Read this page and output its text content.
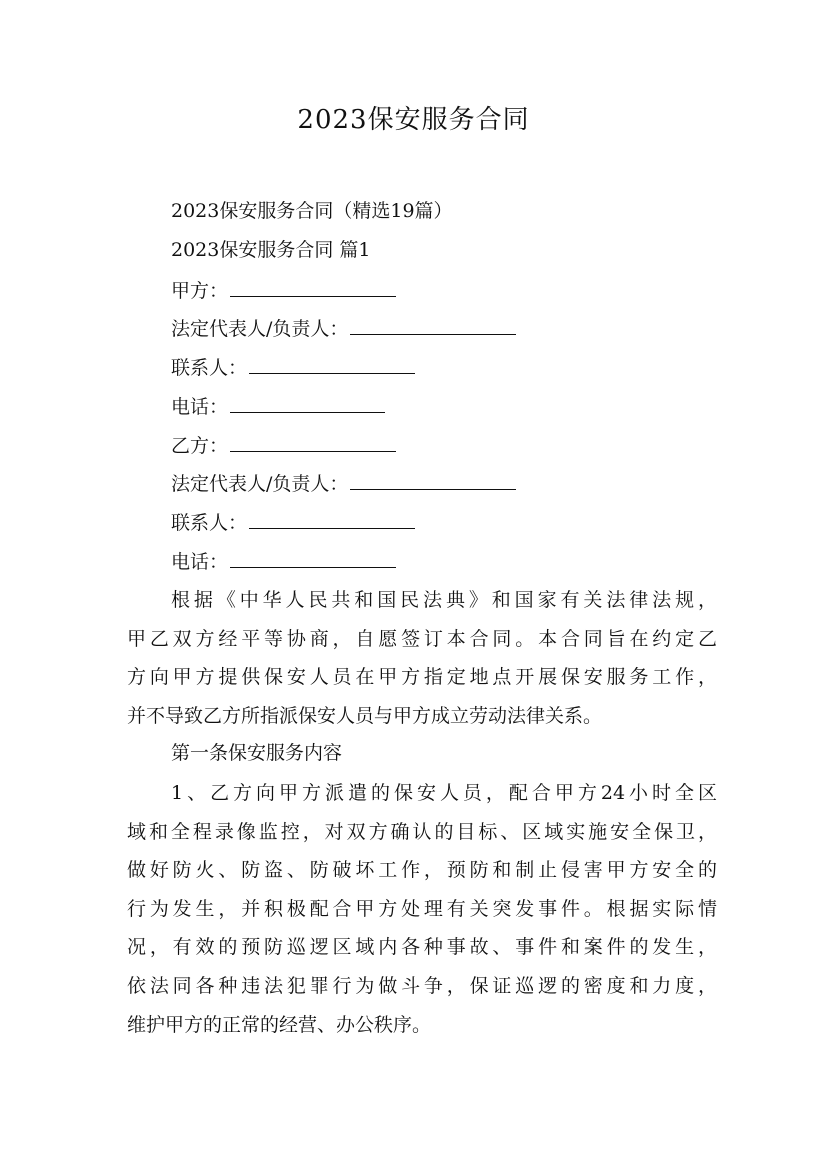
2023保安服务合同

2023保安服务合同（精选19篇）

2023保安服务合同 篇1

甲方：

法定代表人/负责人：

联系人：

电话：

乙方：

法定代表人/负责人：

联系人：

电话：

根据《中华人民共和国民法典》和国家有关法律法规，
甲乙双方经平等协商，自愿签订本合同。本合同旨在约定乙
方向甲方提供保安人员在甲方指定地点开展保安服务工作，
并不导致乙方所指派保安人员与甲方成立劳动法律关系。

第一条保安服务内容

1、乙方向甲方派遣的保安人员，配合甲方24小时全区
域和全程录像监控，对双方确认的目标、区域实施安全保卫，
做好防火、防盗、防破坏工作，预防和制止侵害甲方安全的
行为发生，并积极配合甲方处理有关突发事件。根据实际情
况，有效的预防巡逻区域内各种事故、事件和案件的发生，
依法同各种违法犯罪行为做斗争，保证巡逻的密度和力度，
维护甲方的正常的经营、办公秩序。
